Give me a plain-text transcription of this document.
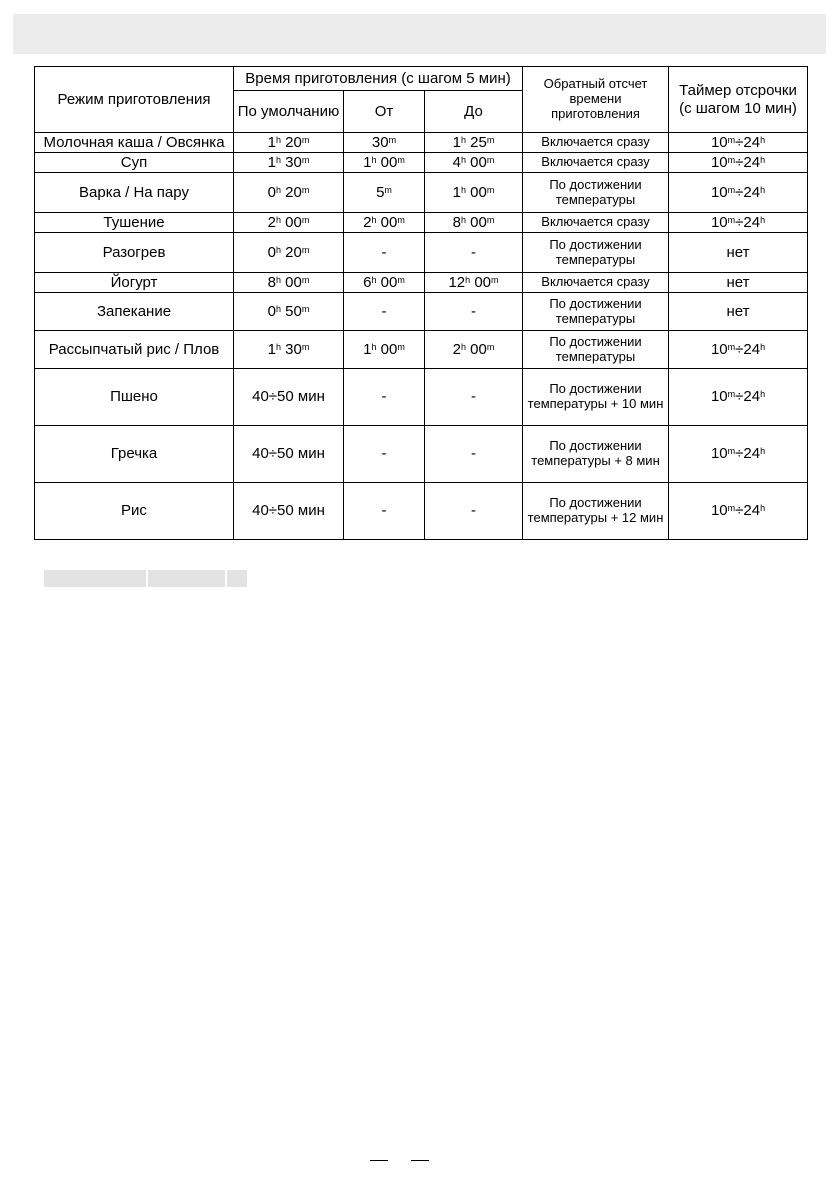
Режим приготовления	Время приготовления (с шагом 5 мин)			Обратный отсчет времени приготовления	Таймер отсрочки (с шагом 10 мин)
	По умолчанию	От	До		
Молочная каша / Овсянка	1$^h$ 20$^m$	30$^m$	1$^h$ 25$^m$	Включается сразу	$10^m\div 24^h$
Суп	1$^h$ 30$^m$	1$^h$ 00$^m$	4$^h$ 00$^m$	Включается сразу	$10^m\div 24^h$
Варка / На пару	0$^h$ 20$^m$	5$^m$	1$^h$ 00$^m$	По достижении температуры	$10^m\div 24^h$
Тушение	2$^h$ 00$^m$	2$^h$ 00$^m$	8$^h$ 00$^m$	Включается сразу	$10^m\div 24^h$
Разогрев	0$^h$ 20$^m$	-	-	По достижении температуры	нет
Йогурт	8$^h$ 00$^m$	6$^h$ 00$^m$	12$^h$ 00$^m$	Включается сразу	нет
Запекание	0$^h$ 50$^m$	-	-	По достижении температуры	нет
Рассыпчатый рис / Плов	1$^h$ 30$^m$	1$^h$ 00$^m$	2$^h$ 00$^m$	По достижении температуры	$10^m\div 24^h$
Пшено	40÷50 мин	-	-	По достижении температуры + 10 мин	$10^m\div 24^h$
Гречка	40÷50 мин	-	-	По достижении температуры + 8 мин	$10^m\div 24^h$
Рис	40÷50 мин	-	-	По достижении температуры + 12 мин	$10^m\div 24^h$
